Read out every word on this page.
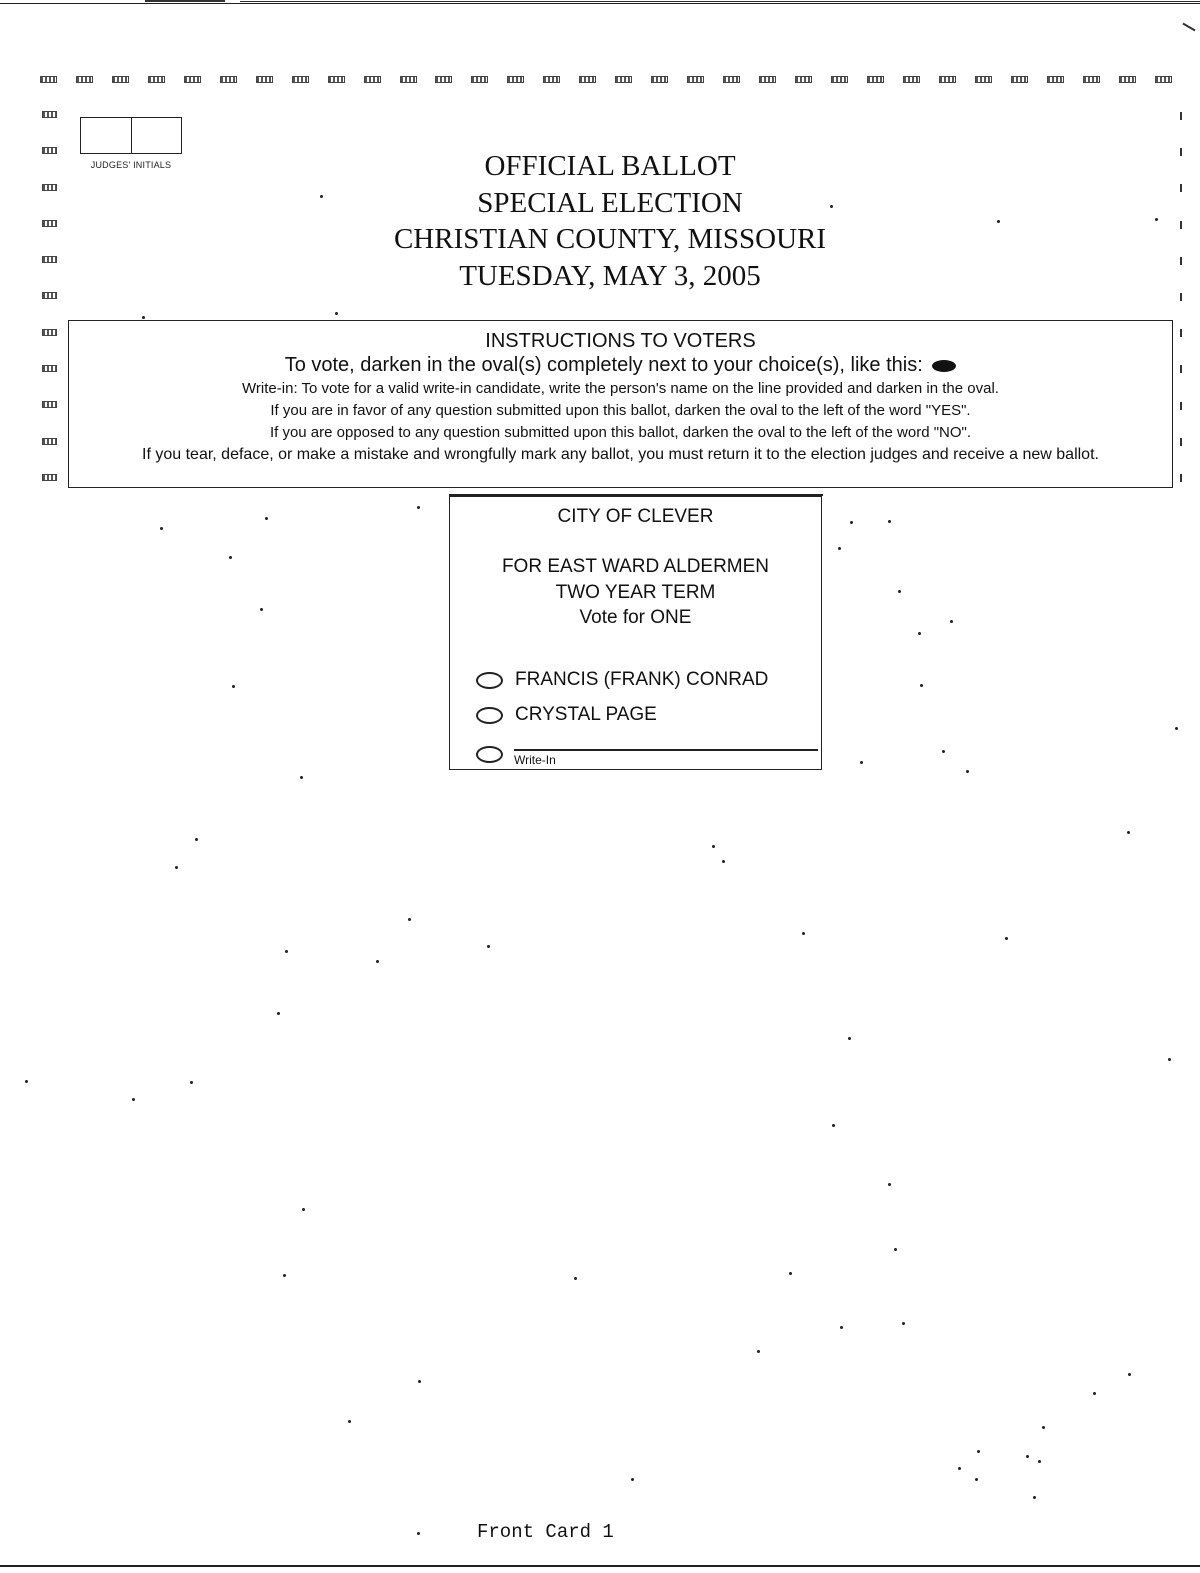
JUDGES' INITIALS	OFFICIAL BALLOT
SPECIAL ELECTION
CHRISTIAN COUNTY, MISSOURI
TUESDAY, MAY 3, 2005
INSTRUCTIONS TO VOTERS
To vote, darken in the oval(s) completely next to your choice(s), like this:
Write-in: To vote for a valid write-in candidate, write the person's name on the line provided and darken in the oval.
If you are in favor of any question submitted upon this ballot, darken the oval to the left of the word "YES".
If you are opposed to any question submitted upon this ballot, darken the oval to the left of the word "NO".
If you tear, deface, or make a mistake and wrongfully mark any ballot, you must return it to the election judges and receive a new ballot.
CITY OF CLEVER
FOR EAST WARD ALDERMEN
TWO YEAR TERM
Vote for ONE
FRANCIS (FRANK) CONRAD
CRYSTAL PAGE
Write-In
Front Card 1
